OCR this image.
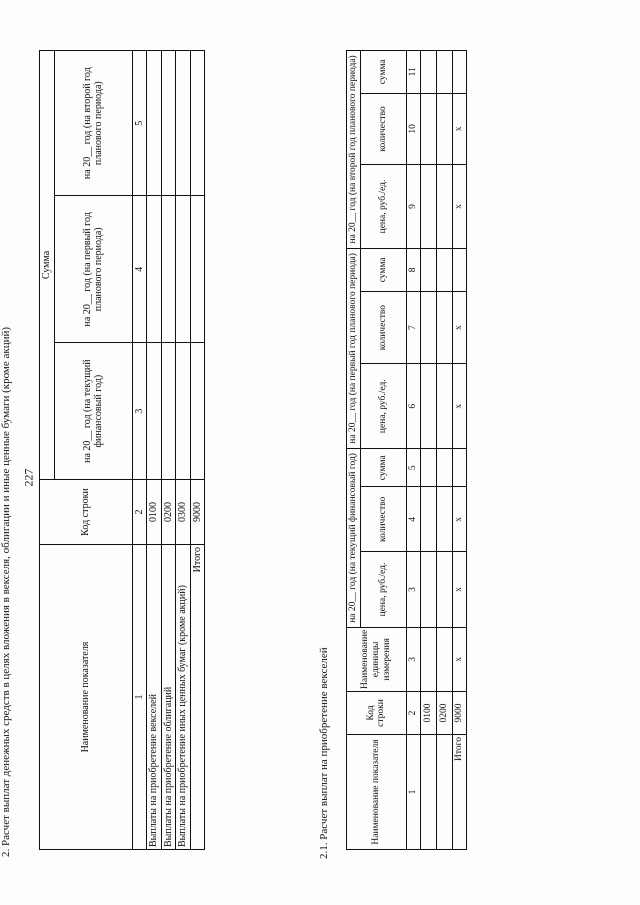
227
2. Расчет выплат денежных средств в целях вложения в векселя, облигации и иные ценные бумаги (кроме акций)	Наименование показателя	Код строки	Сумма		
		на 20__ год (на текущий финансовый год)	на 20__ год (на первый год планового периода)	на 20__ год (на второй год планового периода)
1	2	3	4	5
Выплаты на приобретение векселей	0100			
Выплаты на приобретение облигаций	0200			
Выплаты на приобретение иных ценных бумаг (кроме акций)	0300			
Итого	9000			
2.1. Расчет выплат на приобретение векселей	Наименование показателя	Код строки	Наименование единицы измерения	на 20__ год (на текущий финансовый год)			на 20__ год (на первый год планового периода)			на 20__ год (на второй год планового периода)		
			цена, руб./ед.	количество	сумма	цена, руб./ед.	количество	сумма	цена, руб./ед.	количество	сумма
1	2	3	3	4	5	6	7	8	9	10	11
	0100										
	0200										
Итого	9000	х	х	х		х	х		х	х	
